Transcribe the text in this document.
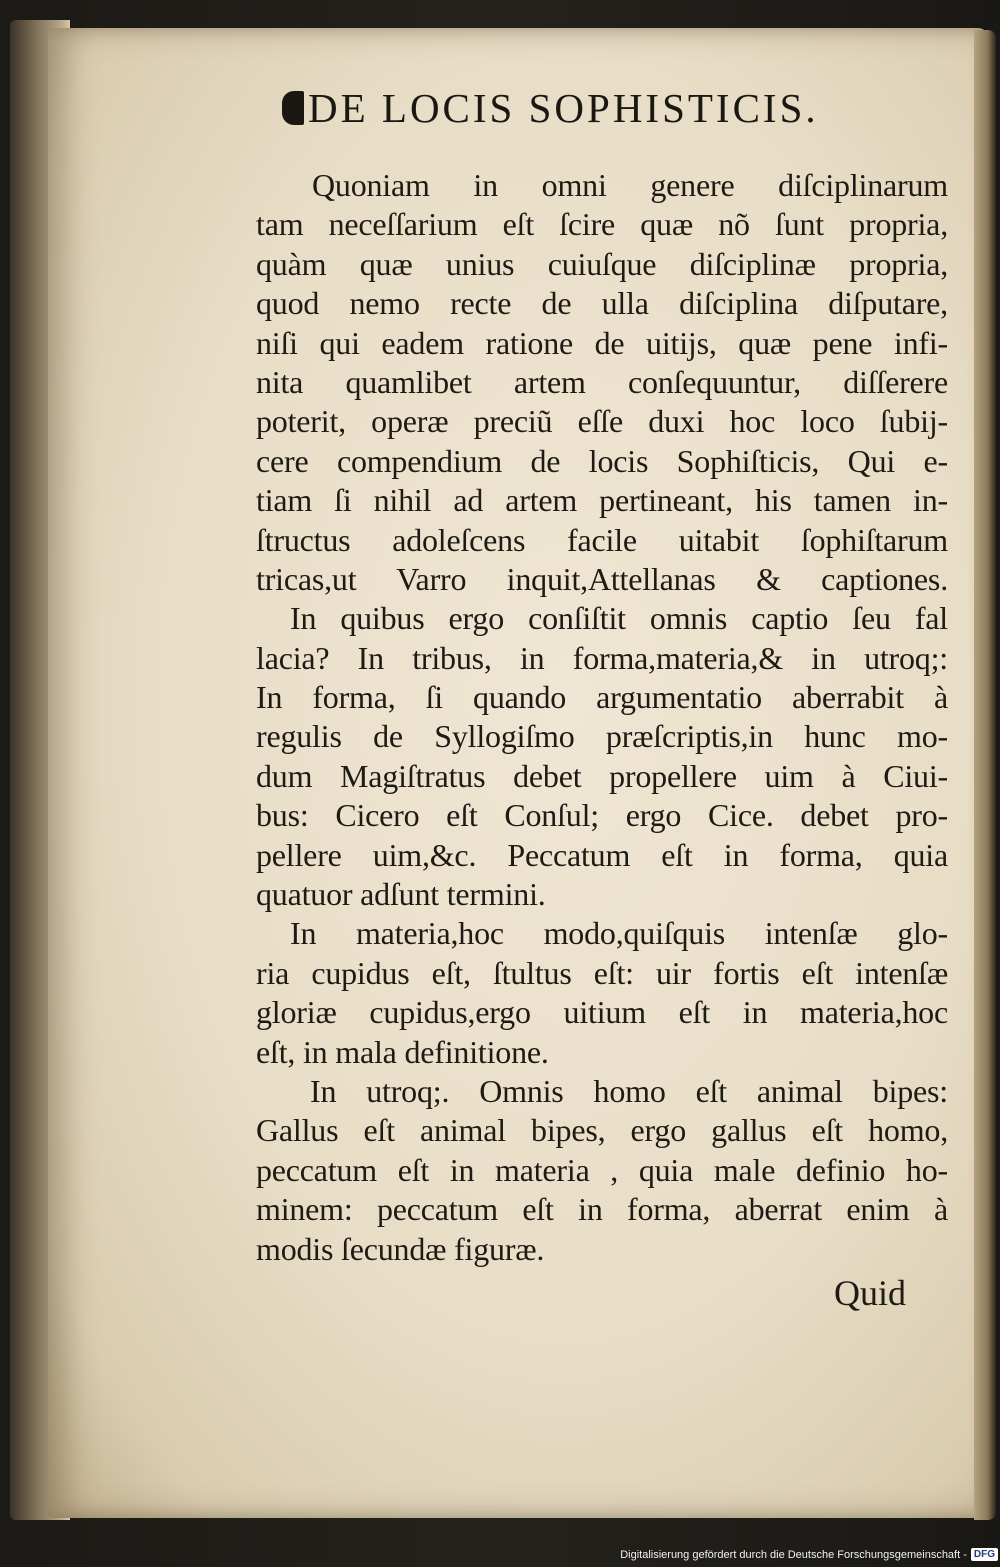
DE LOCIS SOPHISTICIS.
Quoniam in omni genere diſciplinarum
tam neceſſarium eſt ſcire quæ nõ ſunt propria,
quàm quæ unius cuiuſque diſciplinæ propria,
quod nemo recte de ulla diſciplina diſputare,
niſi qui eadem ratione de uitijs, quæ pene infi-
nita quamlibet artem conſequuntur, diſſerere
poterit, operæ preciũ eſſe duxi hoc loco ſubij-
cere compendium de locis Sophiſticis, Qui e-
tiam ſi nihil ad artem pertineant, his tamen in-
ſtructus adoleſcens facile uitabit ſophiſtarum
tricas,ut Varro inquit,Attellanas & captiones.
In quibus ergo conſiſtit omnis captio ſeu fal
lacia? In tribus, in forma,materia,& in utroq;:
In forma, ſi quando argumentatio aberrabit à
regulis de Syllogiſmo præſcriptis,in hunc mo-
dum Magiſtratus debet propellere uim à Ciui-
bus: Cicero eſt Conſul; ergo Cice. debet pro-
pellere uim,&c. Peccatum eſt in forma, quia
quatuor adſunt termini.
In materia,hoc modo,quiſquis intenſæ glo-
ria cupidus eſt, ſtultus eſt: uir fortis eſt intenſæ
gloriæ cupidus,ergo uitium eſt in materia,hoc
eſt, in mala definitione.
In utroq;. Omnis homo eſt animal bipes:
Gallus eſt animal bipes, ergo gallus eſt homo,
peccatum eſt in materia , quia male definio ho-
minem: peccatum eſt in forma, aberrat enim à
modis ſecundæ figuræ.
Quid
Digitalisierung gefördert durch die Deutsche Forschungsgemeinschaft - DFG
